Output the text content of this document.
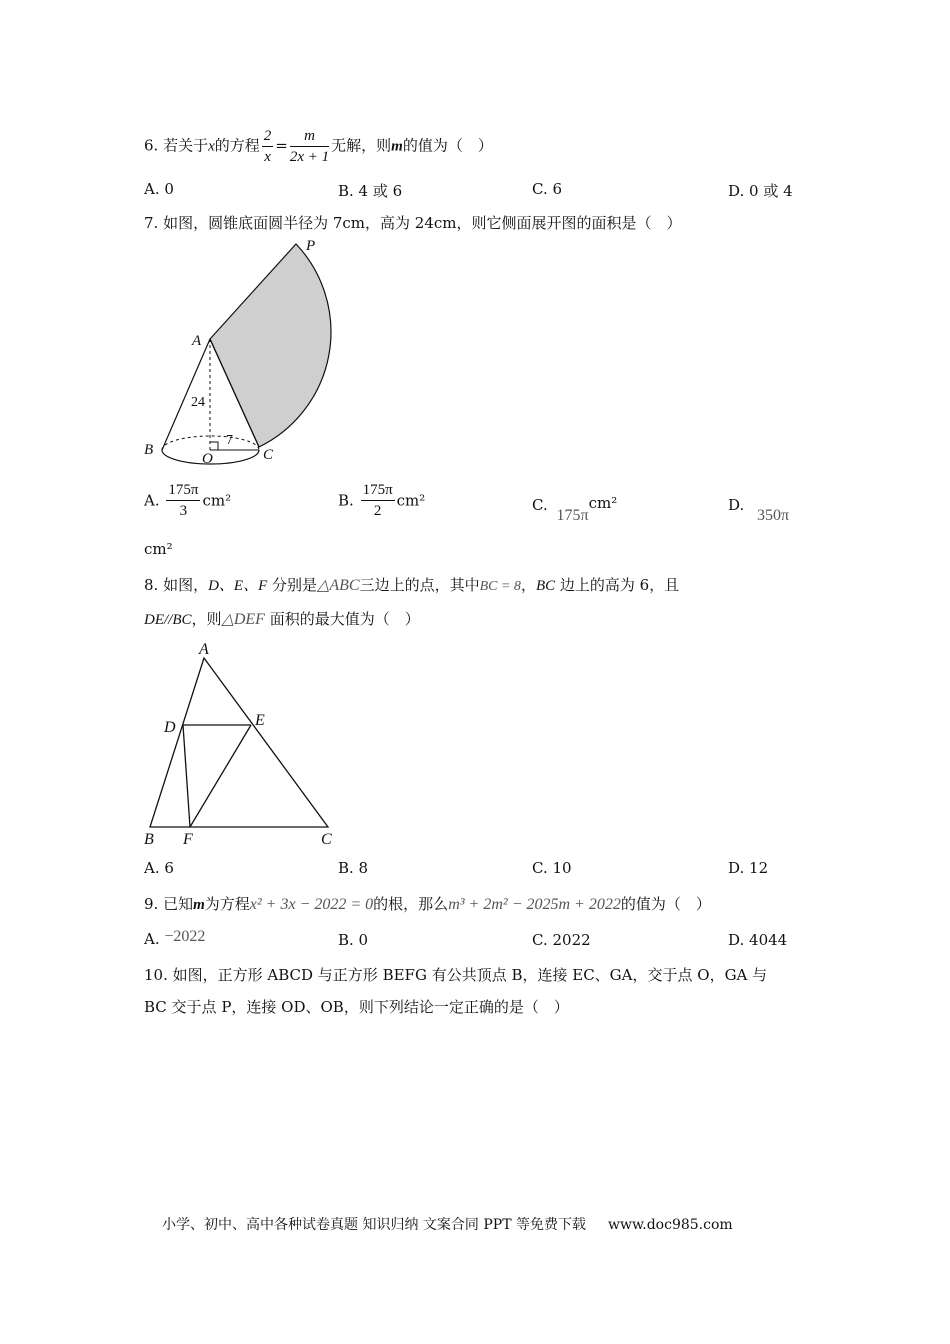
6. 若关于x的方程 $\frac{2}{x} = \frac{m}{2x + 1}$ 无解，则m的值为（　）
A. 0	B. 4 或 6	C. 6	D. 0 或 4
7. 如图，圆锥底面圆半径为 7cm，高为 24cm，则它侧面展开图的面积是（　）
P
A
B
O	C
24
7
A. $\frac{175\pi}{3} cm^2$	B. $\frac{175\pi}{2} cm^2$	C. 175πcm²	D. 350π
cm²
8. 如图，D、E、F 分别是△ABC三边上的点，其中BC = 8，BC 边上的高为 6，且
DE//BC，则△DEF 面积的最大值为（　）
A
D	E
B F	C
A. 6	B. 8	C. 10	D. 12
9. 已知m为方程x² + 3x − 2022 = 0的根，那么m³ + 2m² − 2025m + 2022的值为（　）
A. −2022	B. 0	C. 2022	D. 4044
10. 如图，正方形 ABCD 与正方形 BEFG 有公共顶点 B，连接 EC、GA，交于点 O，GA 与
BC 交于点 P，连接 OD、OB，则下列结论一定正确的是（　）
小学、初中、高中各种试卷真题 知识归纳 文案合同 PPT 等免费下载 www.doc985.com
